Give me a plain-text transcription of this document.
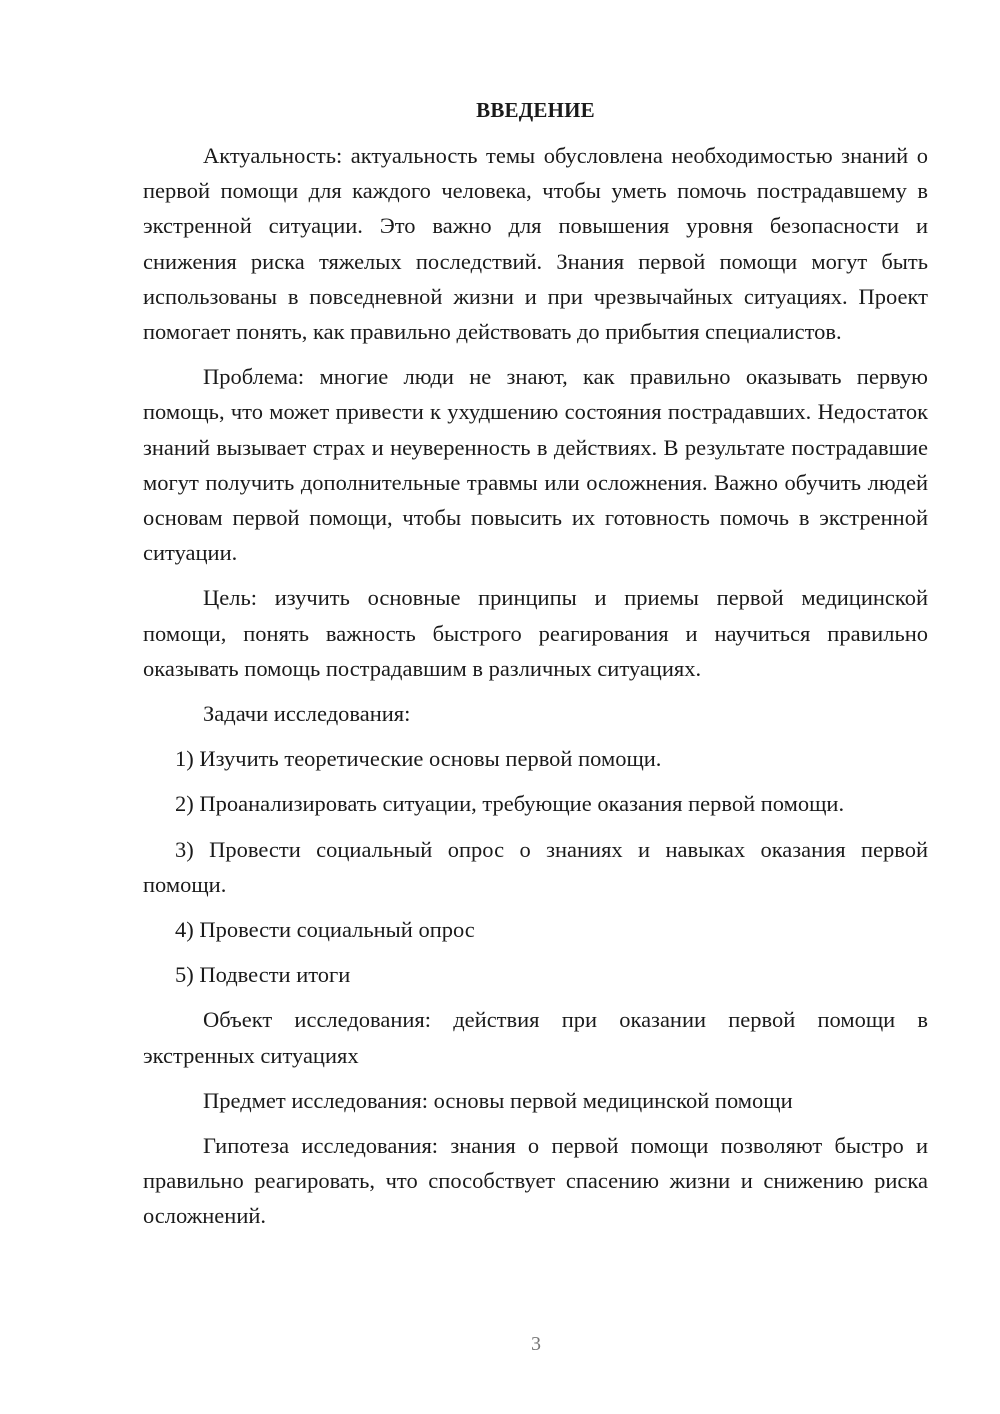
ВВЕДЕНИЕ

Актуальность: актуальность темы обусловлена необходимостью знаний о первой помощи для каждого человека, чтобы уметь помочь пострадавшему в экстренной ситуации. Это важно для повышения уровня безопасности и снижения риска тяжелых последствий. Знания первой помощи могут быть использованы в повседневной жизни и при чрезвычайных ситуациях. Проект помогает понять, как правильно действовать до прибытия специалистов.

Проблема: многие люди не знают, как правильно оказывать первую помощь, что может привести к ухудшению состояния пострадавших. Недостаток знаний вызывает страх и неуверенность в действиях. В результате пострадавшие могут получить дополнительные травмы или осложнения. Важно обучить людей основам первой помощи, чтобы повысить их готовность помочь в экстренной ситуации.

Цель: изучить основные принципы и приемы первой медицинской помощи, понять важность быстрого реагирования и научиться правильно оказывать помощь пострадавшим в различных ситуациях.

Задачи исследования:

1) Изучить теоретические основы первой помощи.

2) Проанализировать ситуации, требующие оказания первой помощи.

3) Провести социальный опрос о знаниях и навыках оказания первой помощи.

4) Провести социальный опрос

5) Подвести итоги

Объект исследования: действия при оказании первой помощи в экстренных ситуациях

Предмет исследования: основы первой медицинской помощи

Гипотеза исследования: знания о первой помощи позволяют быстро и правильно реагировать, что способствует спасению жизни и снижению риска осложнений.

3
